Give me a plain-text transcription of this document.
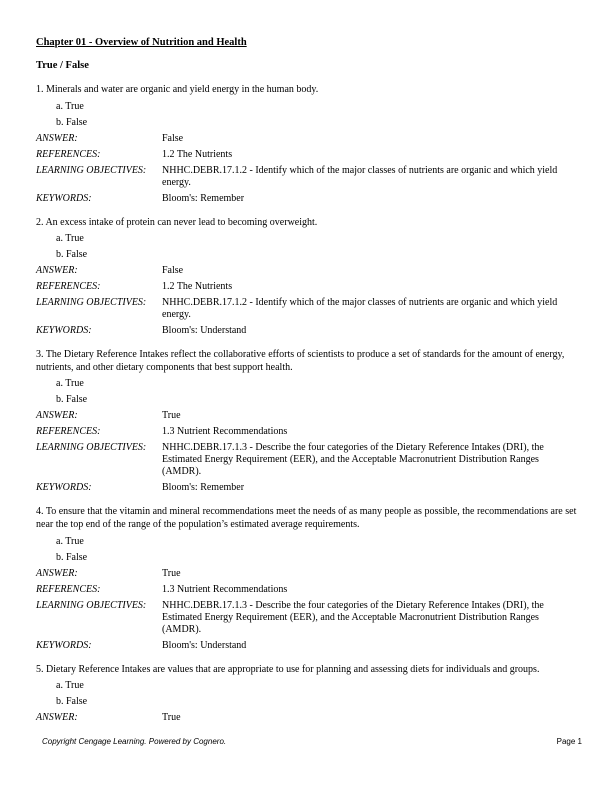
Chapter 01 - Overview of Nutrition and Health
True / False
1. Minerals and water are organic and yield energy in the human body.
a. True
b. False
ANSWER:	False
REFERENCES:	1.2 The Nutrients
LEARNING OBJECTIVES:	NHHC.DEBR.17.1.2 - Identify which of the major classes of nutrients are organic and which yield energy.
KEYWORDS:	Bloom's: Remember
2. An excess intake of protein can never lead to becoming overweight.
a. True
b. False
ANSWER:	False
REFERENCES:	1.2 The Nutrients
LEARNING OBJECTIVES:	NHHC.DEBR.17.1.2 - Identify which of the major classes of nutrients are organic and which yield energy.
KEYWORDS:	Bloom's: Understand
3. The Dietary Reference Intakes reflect the collaborative efforts of scientists to produce a set of standards for the amount of energy, nutrients, and other dietary components that best support health.
a. True
b. False
ANSWER:	True
REFERENCES:	1.3 Nutrient Recommendations
LEARNING OBJECTIVES:	NHHC.DEBR.17.1.3 - Describe the four categories of the Dietary Reference Intakes (DRI), the Estimated Energy Requirement (EER), and the Acceptable Macronutrient Distribution Ranges (AMDR).
KEYWORDS:	Bloom's: Remember
4. To ensure that the vitamin and mineral recommendations meet the needs of as many people as possible, the recommendations are set near the top end of the range of the population’s estimated average requirements.
a. True
b. False
ANSWER:	True
REFERENCES:	1.3 Nutrient Recommendations
LEARNING OBJECTIVES:	NHHC.DEBR.17.1.3 - Describe the four categories of the Dietary Reference Intakes (DRI), the Estimated Energy Requirement (EER), and the Acceptable Macronutrient Distribution Ranges (AMDR).
KEYWORDS:	Bloom's: Understand
5. Dietary Reference Intakes are values that are appropriate to use for planning and assessing diets for individuals and groups.
a. True
b. False
ANSWER:	True
Copyright Cengage Learning. Powered by Cognero.	Page 1
